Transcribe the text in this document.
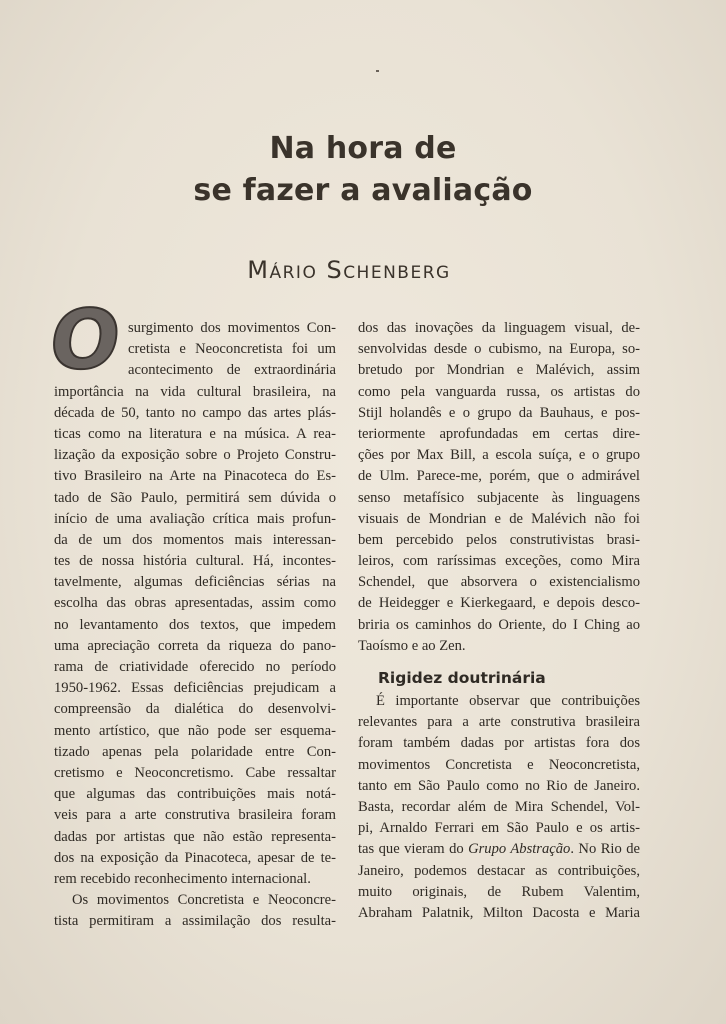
Na hora de
se fazer a avaliação
Mário Schenberg
O surgimento dos movimentos Con-
cretista e Neoconcretista foi um
acontecimento de extraordinária
importância na vida cultural brasileira, na
década de 50, tanto no campo das artes plás-
ticas como na literatura e na música. A rea-
lização da exposição sobre o Projeto Constru-
tivo Brasileiro na Arte na Pinacoteca do Es-
tado de São Paulo, permitirá sem dúvida o
início de uma avaliação crítica mais profun-
da de um dos momentos mais interessan-
tes de nossa história cultural. Há, incontes-
tavelmente, algumas deficiências sérias na
escolha das obras apresentadas, assim como
no levantamento dos textos, que impedem
uma apreciação correta da riqueza do pano-
rama de criatividade oferecido no período
1950-1962. Essas deficiências prejudicam a
compreensão da dialética do desenvolvi-
mento artístico, que não pode ser esquema-
tizado apenas pela polaridade entre Con-
cretismo e Neoconcretismo. Cabe ressaltar
que algumas das contribuições mais notá-
veis para a arte construtiva brasileira foram
dadas por artistas que não estão representa-
dos na exposição da Pinacoteca, apesar de te-
rem recebido reconhecimento internacional.
Os movimentos Concretista e Neoconcre-
tista permitiram a assimilação dos resulta-
dos das inovações da linguagem visual, de-
senvolvidas desde o cubismo, na Europa, so-
bretudo por Mondrian e Malévich, assim
como pela vanguarda russa, os artistas do
Stijl holandês e o grupo da Bauhaus, e pos-
teriormente aprofundadas em certas dire-
ções por Max Bill, a escola suíça, e o grupo
de Ulm. Parece-me, porém, que o admirável
senso metafísico subjacente às linguagens
visuais de Mondrian e de Malévich não foi
bem percebido pelos construtivistas brasi-
leiros, com raríssimas exceções, como Mira
Schendel, que absorvera o existencialismo
de Heidegger e Kierkegaard, e depois desco-
briria os caminhos do Oriente, do I Ching ao
Taoísmo e ao Zen.
Rigidez doutrinária
É importante observar que contribuições
relevantes para a arte construtiva brasileira
foram também dadas por artistas fora dos
movimentos Concretista e Neoconcretista,
tanto em São Paulo como no Rio de Janeiro.
Basta, recordar além de Mira Schendel, Vol-
pi, Arnaldo Ferrari em São Paulo e os artis-
tas que vieram do Grupo Abstração. No Rio de
Janeiro, podemos destacar as contribuições,
muito originais, de Rubem Valentim,
Abraham Palatnik, Milton Dacosta e Maria
